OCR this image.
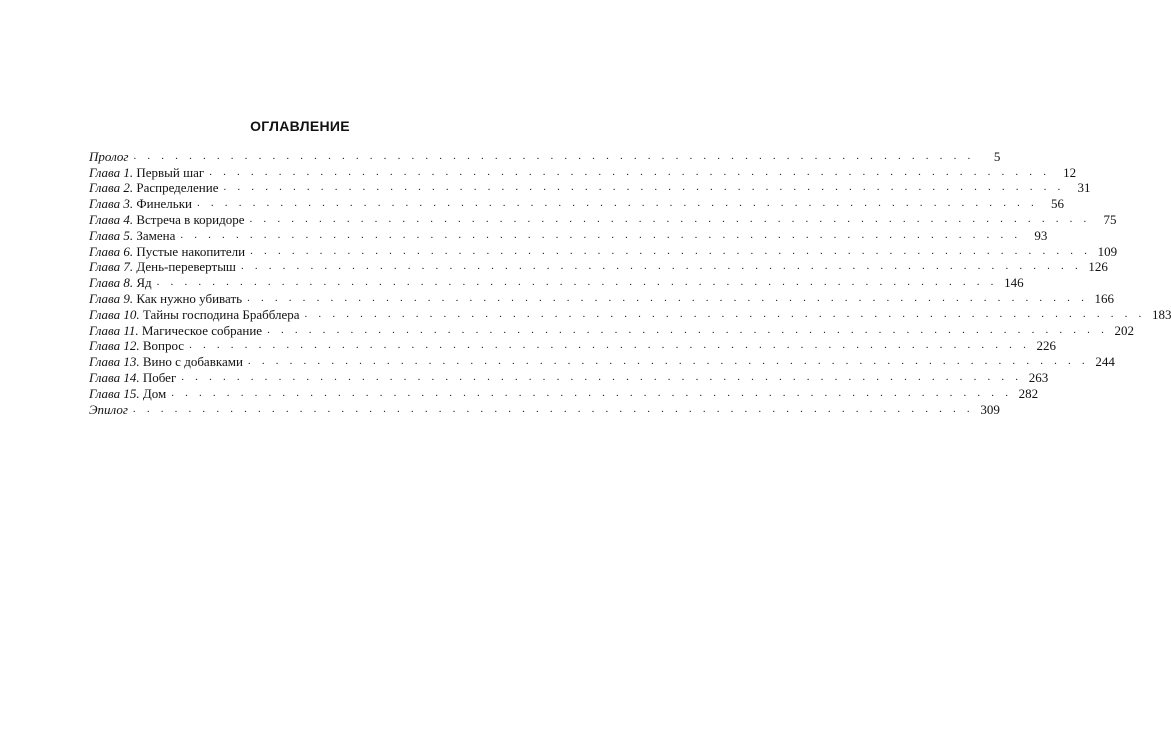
ОГЛАВЛЕНИЕ
Пролог . . . . . . . . . . . . . . . . . . . . . . . . . . . . . . . . . . . . . . . . . . . . . . . . . . . . . . . . . . . . .	5
Глава 1. Первый шаг . . . . . . . . . . . . . . . . . . . . . . . . . . . . . . . . . . . . . . . . . . . . . . . . . . . . . . . . . . . . .	12
Глава 2. Распределение . . . . . . . . . . . . . . . . . . . . . . . . . . . . . . . . . . . . . . . . . . . . . . . . . . . . . . . . . . . . .	31
Глава 3. Финельки . . . . . . . . . . . . . . . . . . . . . . . . . . . . . . . . . . . . . . . . . . . . . . . . . . . . . . . . . . . . .	56
Глава 4. Встреча в коридоре . . . . . . . . . . . . . . . . . . . . . . . . . . . . . . . . . . . . . . . . . . . . . . . . . . . . . . . . . . . . .	75
Глава 5. Замена . . . . . . . . . . . . . . . . . . . . . . . . . . . . . . . . . . . . . . . . . . . . . . . . . . . . . . . . . . . . .	93
Глава 6. Пустые накопители . . . . . . . . . . . . . . . . . . . . . . . . . . . . . . . . . . . . . . . . . . . . . . . . . . . . . . . . . . . . . 109
Глава 7. День-перевертыш . . . . . . . . . . . . . . . . . . . . . . . . . . . . . . . . . . . . . . . . . . . . . . . . . . . . . . . . . . . . . 126
Глава 8. Яд . . . . . . . . . . . . . . . . . . . . . . . . . . . . . . . . . . . . . . . . . . . . . . . . . . . . . . . . . . . . . 146
Глава 9. Как нужно убивать . . . . . . . . . . . . . . . . . . . . . . . . . . . . . . . . . . . . . . . . . . . . . . . . . . . . . . . . . . . . . 166
Глава 10. Тайны господина Брабблера . . . . . . . . . . . . . . . . . . . . . . . . . . . . . . . . . . . . . . . . . . . . . . . . . . . . . . . . . . . . . 183
Глава 11. Магическое собрание . . . . . . . . . . . . . . . . . . . . . . . . . . . . . . . . . . . . . . . . . . . . . . . . . . . . . . . . . . . . . 202
Глава 12. Вопрос . . . . . . . . . . . . . . . . . . . . . . . . . . . . . . . . . . . . . . . . . . . . . . . . . . . . . . . . . . . . . 226
Глава 13. Вино с добавками . . . . . . . . . . . . . . . . . . . . . . . . . . . . . . . . . . . . . . . . . . . . . . . . . . . . . . . . . . . . . 244
Глава 14. Побег . . . . . . . . . . . . . . . . . . . . . . . . . . . . . . . . . . . . . . . . . . . . . . . . . . . . . . . . . . . . . 263
Глава 15. Дом . . . . . . . . . . . . . . . . . . . . . . . . . . . . . . . . . . . . . . . . . . . . . . . . . . . . . . . . . . . . . 282
Эпилог . . . . . . . . . . . . . . . . . . . . . . . . . . . . . . . . . . . . . . . . . . . . . . . . . . . . . . . . . . . . . 309
